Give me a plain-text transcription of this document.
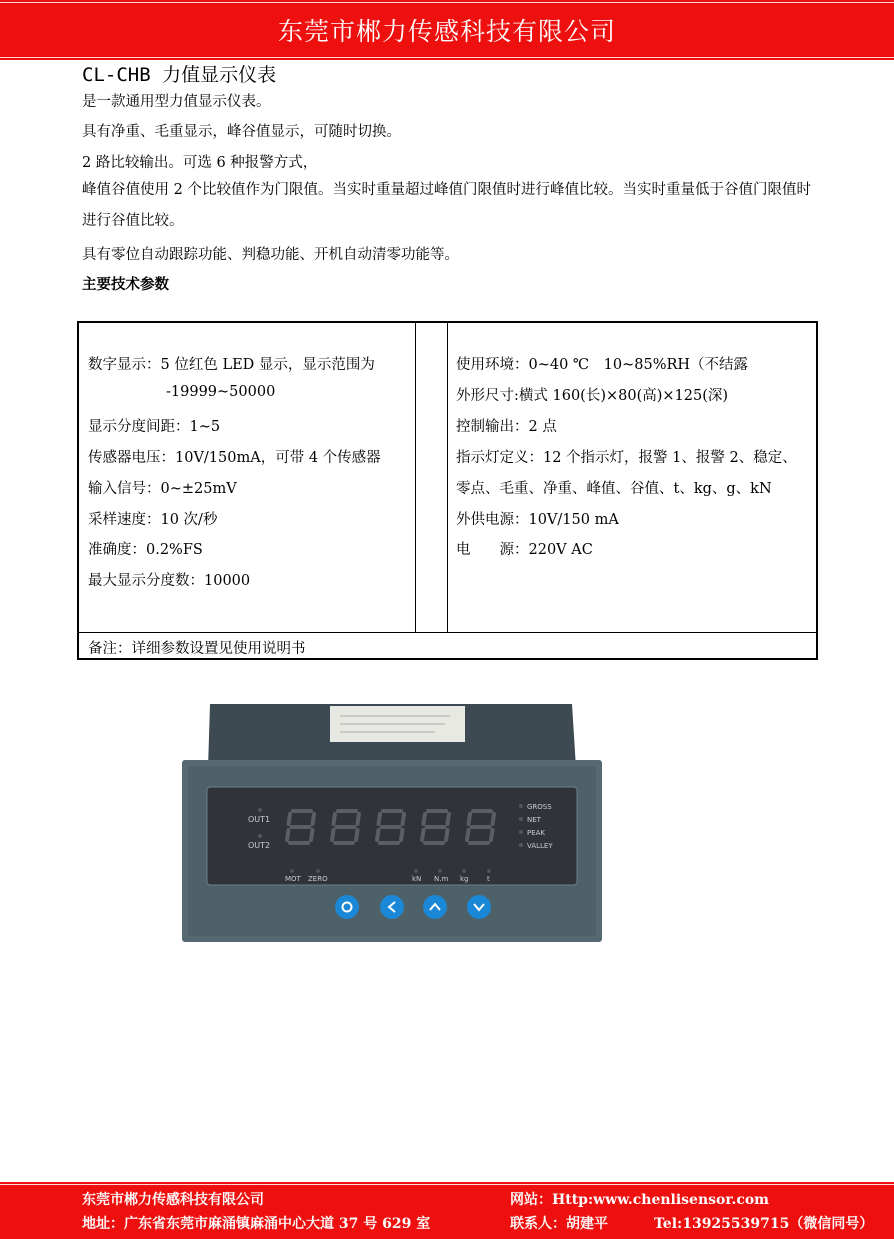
东莞市郴力传感科技有限公司
CL-CHB 力值显示仪表
是一款通用型力值显示仪表。
具有净重、毛重显示，峰谷值显示，可随时切换。
2 路比较输出。可选 6 种报警方式，
峰值谷值使用 2 个比较值作为门限值。当实时重量超过峰值门限值时进行峰值比较。当实时重量低于谷值门限值时进行谷值比较。
具有零位自动跟踪功能、判稳功能、开机自动清零功能等。
主要技术参数
数字显示：5 位红色 LED 显示，显示范围为
-19999~50000
显示分度间距：1~5
传感器电压：10V/150mA，可带 4 个传感器
输入信号：0~±25mV
采样速度：10 次/秒
准确度：0.2%FS
最大显示分度数：10000
使用环境：0~40 ℃　10~85%RH（不结露
外形尺寸:横式 160(长)×80(高)×125(深)
控制输出：2 点
指示灯定义：12 个指示灯，报警 1、报警 2、稳定、
零点、毛重、净重、峰值、谷值、t、kg、g、kN
外供电源：10V/150 mA
电　　源：220V AC
备注：详细参数设置见使用说明书
OUT1
OUT2
GROSS
NET
PEAK
VALLEY
MOT ZERO	kN N.m kg	t
东莞市郴力传感科技有限公司	网站：Http:www.chenlisensor.com
地址：广东省东莞市麻涌镇麻涌中心大道 37 号 629 室	联系人：胡建平	Tel:13925539715（微信同号）
